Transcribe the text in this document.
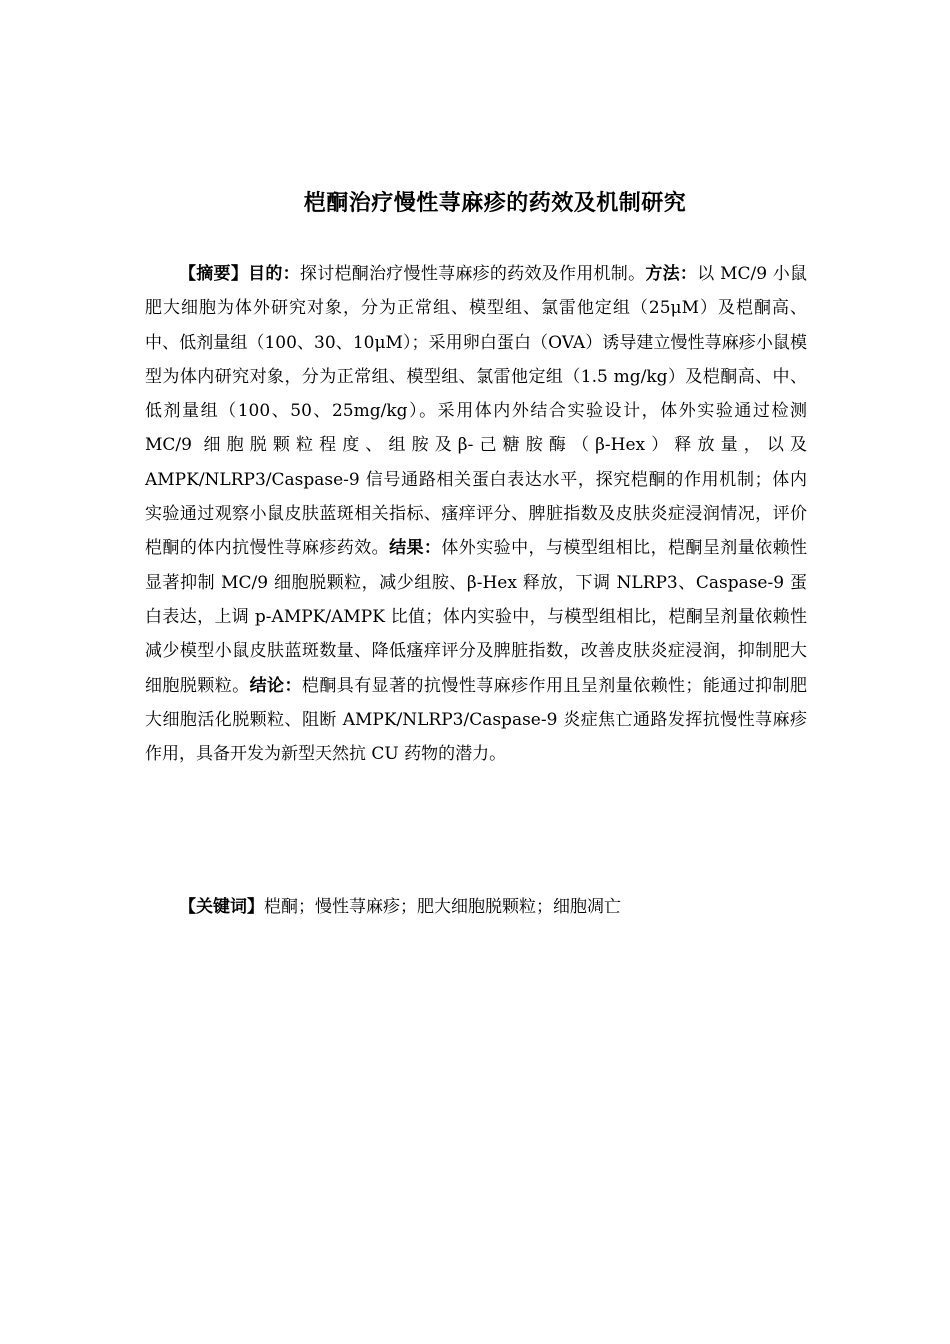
桤酮治疗慢性荨麻疹的药效及机制研究

【摘要】目的：探讨桤酮治疗慢性荨麻疹的药效及作用机制。方法：以 MC/9 小鼠肥大细胞为体外研究对象，分为正常组、模型组、氯雷他定组（25μM）及桤酮高、中、低剂量组（100、30、10μM）；采用卵白蛋白（OVA）诱导建立慢性荨麻疹小鼠模型为体内研究对象，分为正常组、模型组、氯雷他定组（1.5 mg/kg）及桤酮高、中、低剂量组（100、50、25mg/kg）。采用体内外结合实验设计，体外实验通过检测 MC/9 细胞脱颗粒程度、组胺及β-己糖胺酶（β-Hex）释放量，以及 AMPK/NLRP3/Caspase-9 信号通路相关蛋白表达水平，探究桤酮的作用机制；体内实验通过观察小鼠皮肤蓝斑相关指标、瘙痒评分、脾脏指数及皮肤炎症浸润情况，评价桤酮的体内抗慢性荨麻疹药效。结果：体外实验中，与模型组相比，桤酮呈剂量依赖性显著抑制 MC/9 细胞脱颗粒，减少组胺、β-Hex 释放，下调 NLRP3、Caspase-9 蛋白表达，上调 p-AMPK/AMPK 比值；体内实验中，与模型组相比，桤酮呈剂量依赖性减少模型小鼠皮肤蓝斑数量、降低瘙痒评分及脾脏指数，改善皮肤炎症浸润，抑制肥大细胞脱颗粒。结论：桤酮具有显著的抗慢性荨麻疹作用且呈剂量依赖性；能通过抑制肥大细胞活化脱颗粒、阻断 AMPK/NLRP3/Caspase-9 炎症焦亡通路发挥抗慢性荨麻疹作用，具备开发为新型天然抗 CU 药物的潜力。

【关键词】桤酮；慢性荨麻疹；肥大细胞脱颗粒；细胞凋亡
